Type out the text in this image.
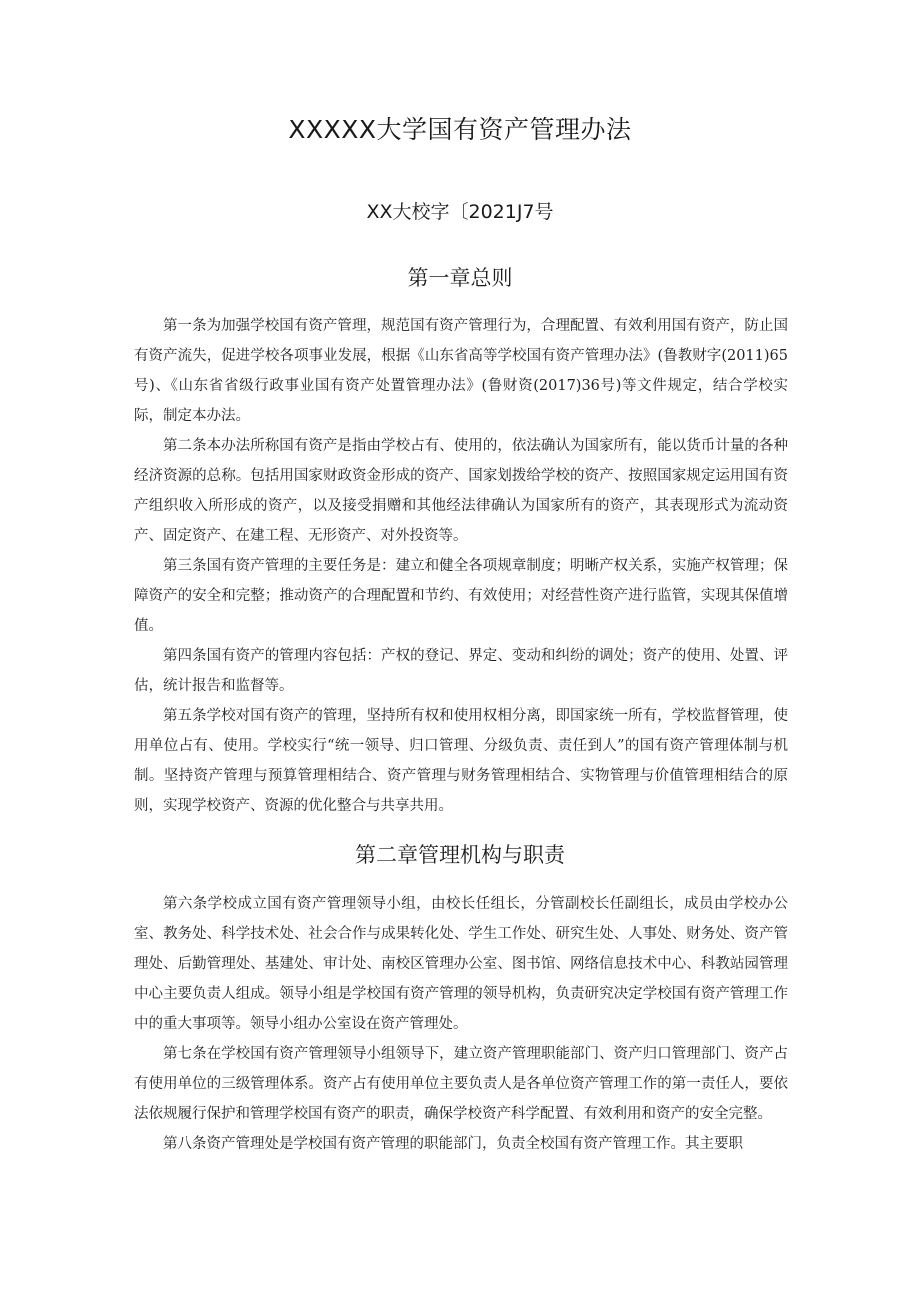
XXXXX大学国有资产管理办法
XX大校字〔2021J7号
第一章总则

第一条为加强学校国有资产管理，规范国有资产管理行为，合理配置、有效利用国有资产，防止国有资产流失，促进学校各项事业发展，根据《山东省高等学校国有资产管理办法》(鲁教财字(2011)65号)、《山东省省级行政事业国有资产处置管理办法》(鲁财资(2017)36号)等文件规定，结合学校实际，制定本办法。

第二条本办法所称国有资产是指由学校占有、使用的，依法确认为国家所有，能以货币计量的各种经济资源的总称。包括用国家财政资金形成的资产、国家划拨给学校的资产、按照国家规定运用国有资产组织收入所形成的资产，以及接受捐赠和其他经法律确认为国家所有的资产，其表现形式为流动资产、固定资产、在建工程、无形资产、对外投资等。

第三条国有资产管理的主要任务是：建立和健全各项规章制度；明晰产权关系，实施产权管理；保障资产的安全和完整；推动资产的合理配置和节约、有效使用；对经营性资产进行监管，实现其保值增值。

第四条国有资产的管理内容包括：产权的登记、界定、变动和纠纷的调处；资产的使用、处置、评估，统计报告和监督等。

第五条学校对国有资产的管理，坚持所有权和使用权相分离，即国家统一所有，学校监督管理，使用单位占有、使用。学校实行“统一领导、归口管理、分级负责、责任到人”的国有资产管理体制与机制。坚持资产管理与预算管理相结合、资产管理与财务管理相结合、实物管理与价值管理相结合的原则，实现学校资产、资源的优化整合与共享共用。

第二章管理机构与职责

第六条学校成立国有资产管理领导小组，由校长任组长，分管副校长任副组长，成员由学校办公室、教务处、科学技术处、社会合作与成果转化处、学生工作处、研究生处、人事处、财务处、资产管理处、后勤管理处、基建处、审计处、南校区管理办公室、图书馆、网络信息技术中心、科教站园管理中心主要负责人组成。领导小组是学校国有资产管理的领导机构，负责研究决定学校国有资产管理工作中的重大事项等。领导小组办公室设在资产管理处。

第七条在学校国有资产管理领导小组领导下，建立资产管理职能部门、资产归口管理部门、资产占有使用单位的三级管理体系。资产占有使用单位主要负责人是各单位资产管理工作的第一责任人，要依法依规履行保护和管理学校国有资产的职责，确保学校资产科学配置、有效利用和资产的安全完整。

第八条资产管理处是学校国有资产管理的职能部门，负责全校国有资产管理工作。其主要职
